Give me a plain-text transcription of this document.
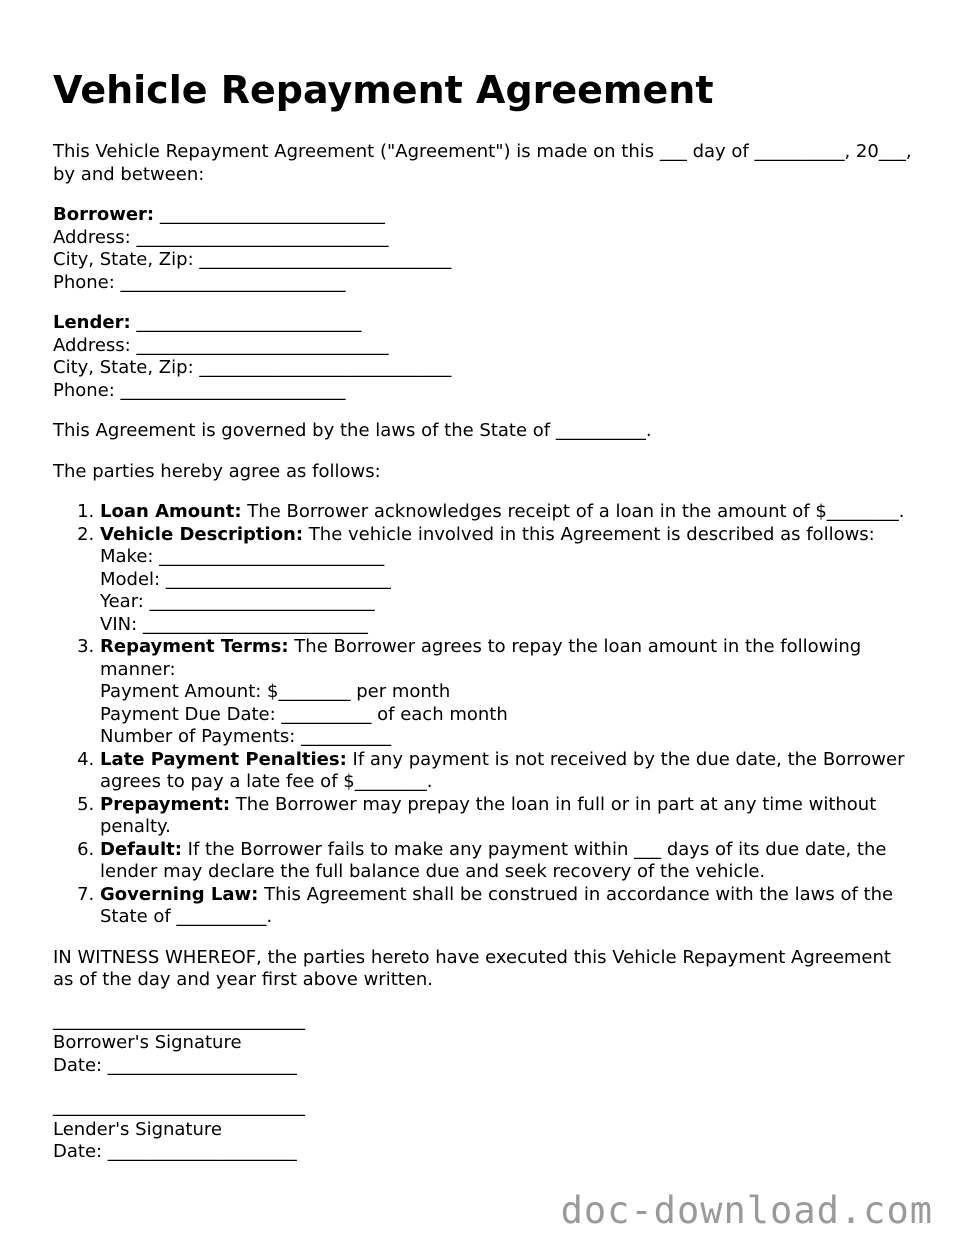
Vehicle Repayment Agreement

This Vehicle Repayment Agreement ("Agreement") is made on this ___ day of __________, 20___, by and between:

Borrower: _________________________
Address: ____________________________
City, State, Zip: ____________________________
Phone: _________________________
Lender: _________________________
Address: ____________________________
City, State, Zip: ____________________________
Phone: _________________________

This Agreement is governed by the laws of the State of __________.

The parties hereby agree as follows:

1. Loan Amount: The Borrower acknowledges receipt of a loan in the amount of $________.
2. Vehicle Description: The vehicle involved in this Agreement is described as follows:
Make: _________________________
Model: _________________________
Year: _________________________
VIN: _________________________
3. Repayment Terms: The Borrower agrees to repay the loan amount in the following manner:
Payment Amount: $________ per month
Payment Due Date: __________ of each month
Number of Payments: __________
4. Late Payment Penalties: If any payment is not received by the due date, the Borrower agrees to pay a late fee of $________.
5. Prepayment: The Borrower may prepay the loan in full or in part at any time without penalty.
6. Default: If the Borrower fails to make any payment within ___ days of its due date, the lender may declare the full balance due and seek recovery of the vehicle.
7. Governing Law: This Agreement shall be construed in accordance with the laws of the State of __________.

IN WITNESS WHEREOF, the parties hereto have executed this Vehicle Repayment Agreement as of the day and year first above written.

____________________________
Borrower's Signature
Date: _____________________
____________________________
Lender's Signature
Date: _____________________
doc-download.com
